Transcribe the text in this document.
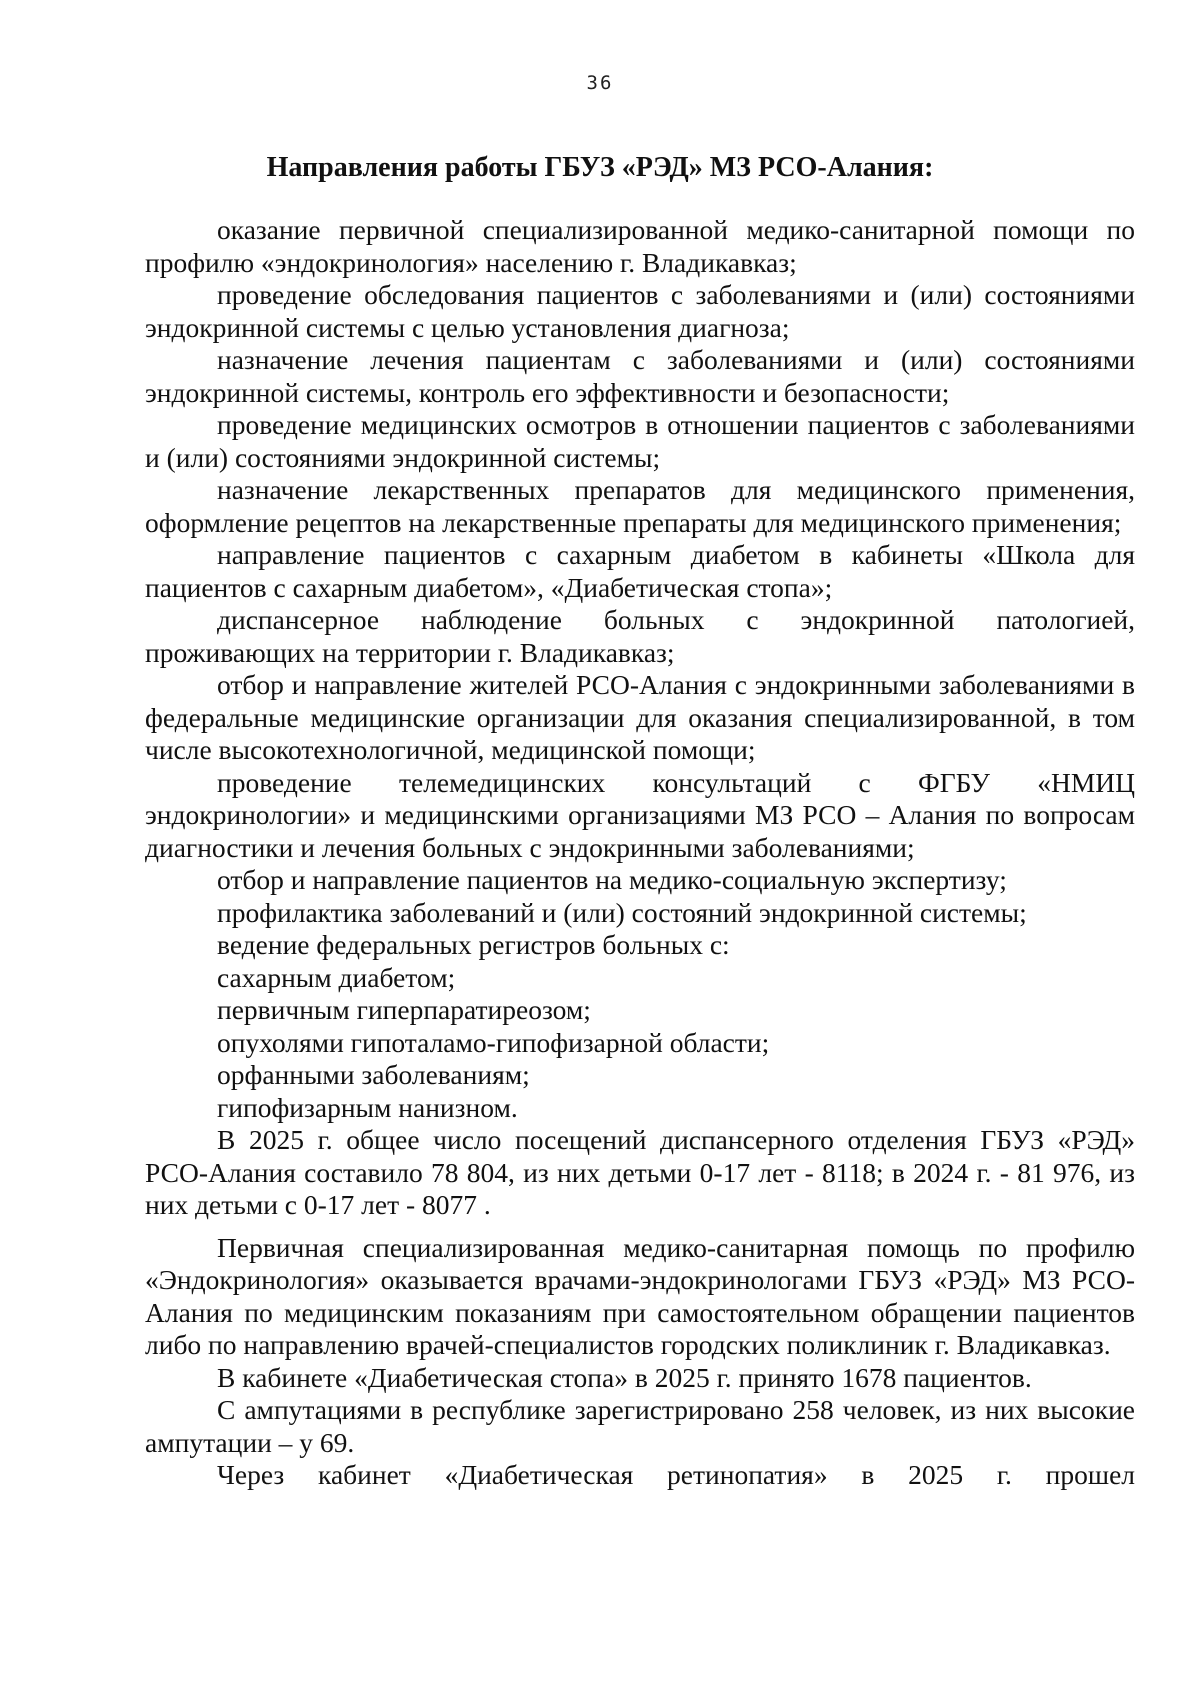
36
Направления работы ГБУЗ «РЭД» МЗ РСО-Алания:

оказание первичной специализированной медико-санитарной помощи по профилю «эндокринология» населению г. Владикавказ;

проведение обследования пациентов с заболеваниями и (или) состояниями эндокринной системы с целью установления диагноза;

назначение лечения пациентам с заболеваниями и (или) состояниями эндокринной системы, контроль его эффективности и безопасности;

проведение медицинских осмотров в отношении пациентов с заболеваниями и (или) состояниями эндокринной системы;

назначение лекарственных препаратов для медицинского применения, оформление рецептов на лекарственные препараты для медицинского применения;

направление пациентов с сахарным диабетом в кабинеты «Школа для пациентов с сахарным диабетом», «Диабетическая стопа»;

диспансерное наблюдение больных с эндокринной патологией, проживающих на территории г. Владикавказ;

отбор и направление жителей РСО-Алания с эндокринными заболеваниями в федеральные медицинские организации для оказания специализированной, в том числе высокотехнологичной, медицинской помощи;

проведение телемедицинских консультаций с ФГБУ «НМИЦ эндокринологии» и медицинскими организациями МЗ РСО – Алания по вопросам диагностики и лечения больных с эндокринными заболеваниями;

отбор и направление пациентов на медико-социальную экспертизу;

профилактика заболеваний и (или) состояний эндокринной системы;

ведение федеральных регистров больных с:

сахарным диабетом;

первичным гиперпаратиреозом;

опухолями гипоталамо-гипофизарной области;

орфанными заболеваниям;

гипофизарным нанизном.

В 2025 г. общее число посещений диспансерного отделения ГБУЗ «РЭД» РСО-Алания составило 78 804, из них детьми 0-17 лет - 8118; в 2024 г. - 81 976, из них детьми с 0-17 лет - 8077 .

Первичная специализированная медико-санитарная помощь по профилю «Эндокринология» оказывается врачами-эндокринологами ГБУЗ «РЭД» МЗ РСО-Алания по медицинским показаниям при самостоятельном обращении пациентов либо по направлению врачей-специалистов городских поликлиник г. Владикавказ.

В кабинете «Диабетическая стопа» в 2025 г. принято 1678 пациентов.

С ампутациями в республике зарегистрировано 258 человек, из них высокие ампутации – у 69.

Через кабинет «Диабетическая ретинопатия» в 2025 г. прошел
